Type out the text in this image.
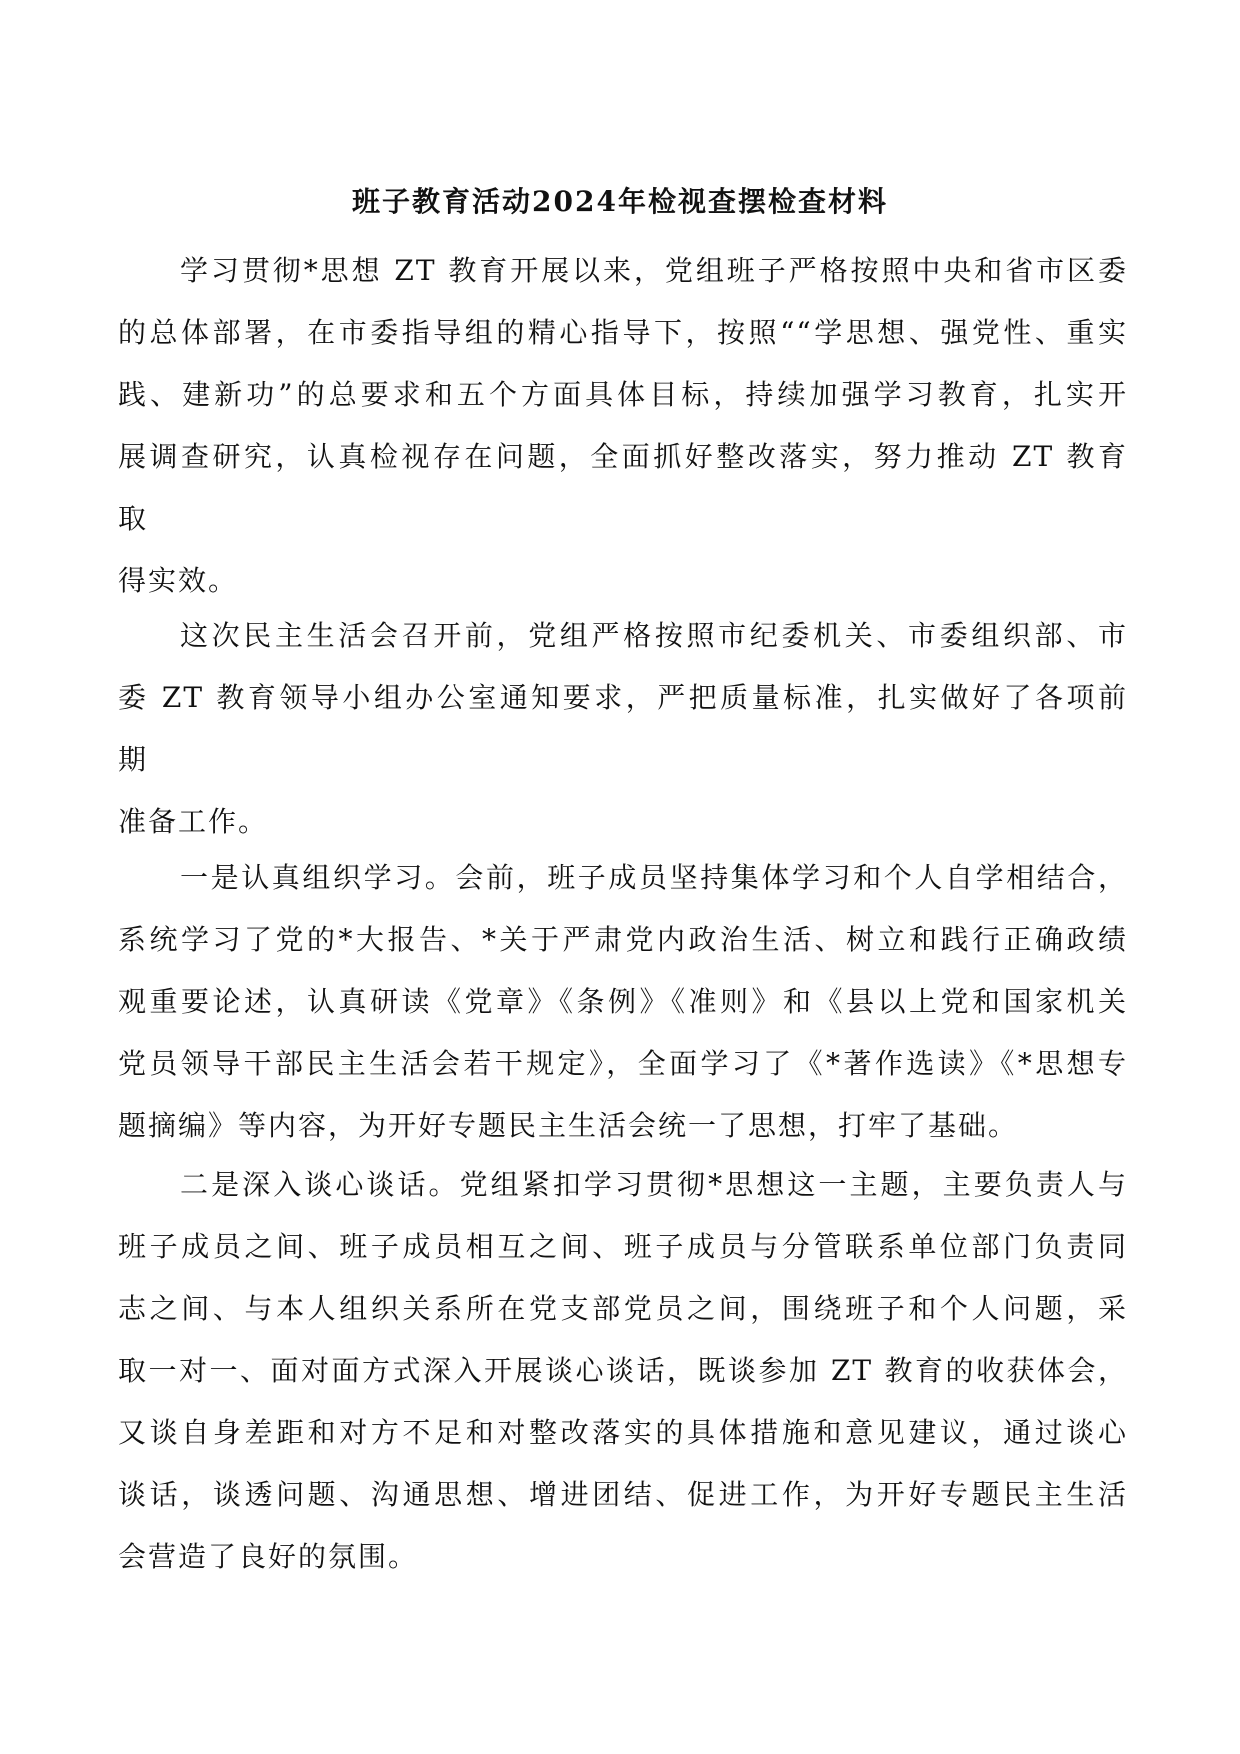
班子教育活动2024年检视查摆检查材料
学习贯彻*思想 ZT 教育开展以来，党组班子严格按照中央和省市区委
的总体部署，在市委指导组的精心指导下，按照““学思想、强党性、重实
践、建新功”的总要求和五个方面具体目标，持续加强学习教育，扎实开
展调查研究，认真检视存在问题，全面抓好整改落实，努力推动 ZT 教育
取
得实效。
这次民主生活会召开前，党组严格按照市纪委机关、市委组织部、市
委 ZT 教育领导小组办公室通知要求，严把质量标准，扎实做好了各项前
期
准备工作。
一是认真组织学习。会前，班子成员坚持集体学习和个人自学相结合，
系统学习了党的*大报告、*关于严肃党内政治生活、树立和践行正确政绩
观重要论述，认真研读《党章》《条例》《准则》和《县以上党和国家机关
党员领导干部民主生活会若干规定》，全面学习了《*著作选读》《*思想专
题摘编》等内容，为开好专题民主生活会统一了思想，打牢了基础。
二是深入谈心谈话。党组紧扣学习贯彻*思想这一主题，主要负责人与
班子成员之间、班子成员相互之间、班子成员与分管联系单位部门负责同
志之间、与本人组织关系所在党支部党员之间，围绕班子和个人问题，采
取一对一、面对面方式深入开展谈心谈话，既谈参加 ZT 教育的收获体会，
又谈自身差距和对方不足和对整改落实的具体措施和意见建议，通过谈心
谈话，谈透问题、沟通思想、增进团结、促进工作，为开好专题民主生活
会营造了良好的氛围。
